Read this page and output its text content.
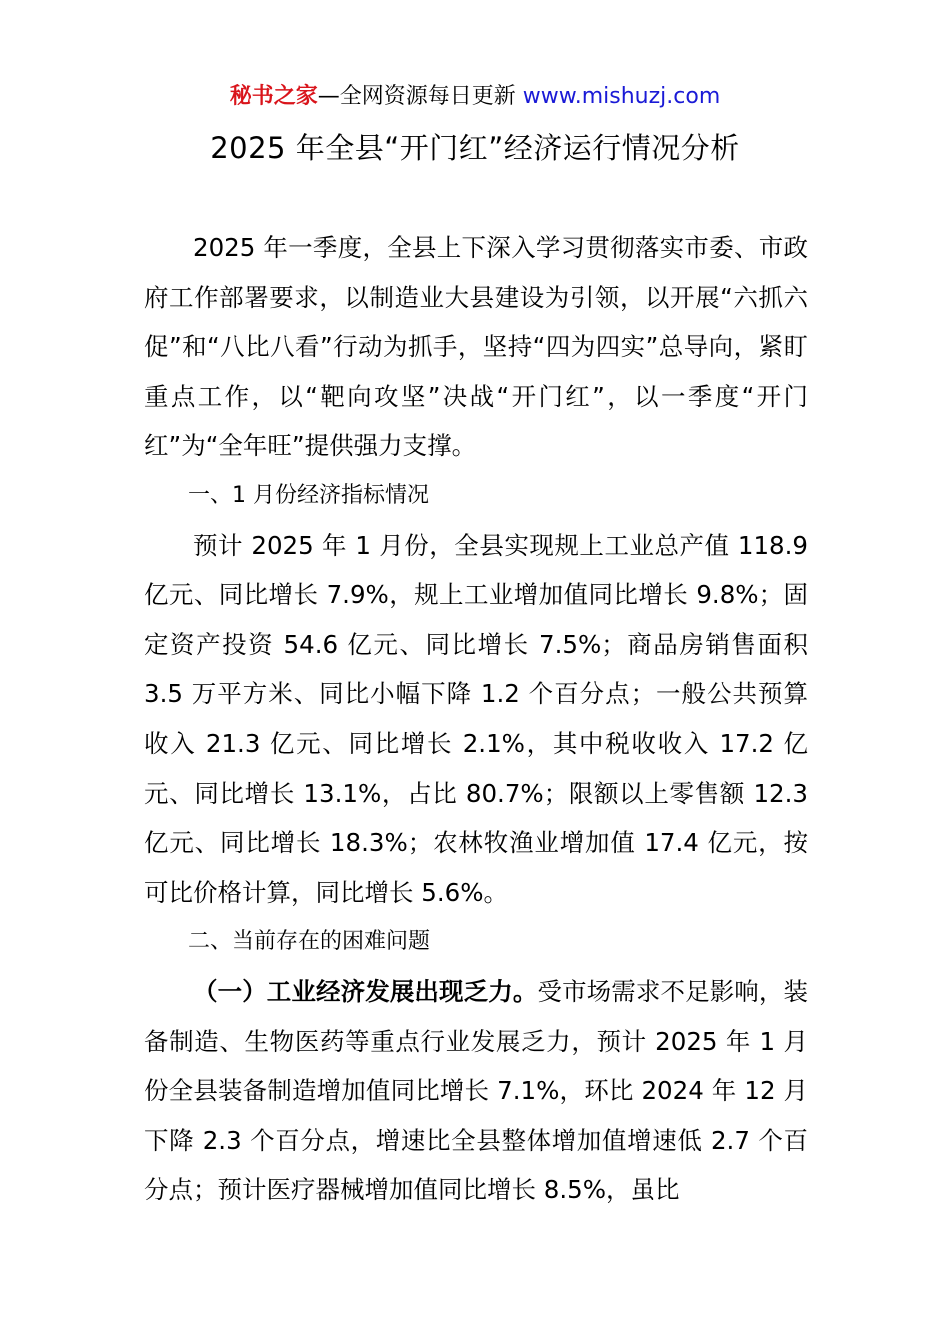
秘书之家—全网资源每日更新 www.mishuzj.com
2025 年全县“开门红”经济运行情况分析

2025 年一季度，全县上下深入学习贯彻落实市委、市政府工作部署要求，以制造业大县建设为引领，以开展“六抓六促”和“八比八看”行动为抓手，坚持“四为四实”总导向，紧盯重点工作，以“靶向攻坚”决战“开门红”，以一季度“开门红”为“全年旺”提供强力支撑。

一、1 月份经济指标情况

预计 2025 年 1 月份，全县实现规上工业总产值 118.9 亿元、同比增长 7.9%，规上工业增加值同比增长 9.8%；固定资产投资 54.6 亿元、同比增长 7.5%；商品房销售面积 3.5 万平方米、同比小幅下降 1.2 个百分点；一般公共预算收入 21.3 亿元、同比增长 2.1%，其中税收收入 17.2 亿元、同比增长 13.1%，占比 80.7%；限额以上零售额 12.3 亿元、同比增长 18.3%；农林牧渔业增加值 17.4 亿元，按可比价格计算，同比增长 5.6%。

二、当前存在的困难问题

（一）工业经济发展出现乏力。受市场需求不足影响，装备制造、生物医药等重点行业发展乏力，预计 2025 年 1 月份全县装备制造增加值同比增长 7.1%，环比 2024 年 12 月下降 2.3 个百分点，增速比全县整体增加值增速低 2.7 个百分点；预计医疗器械增加值同比增长 8.5%，虽比
